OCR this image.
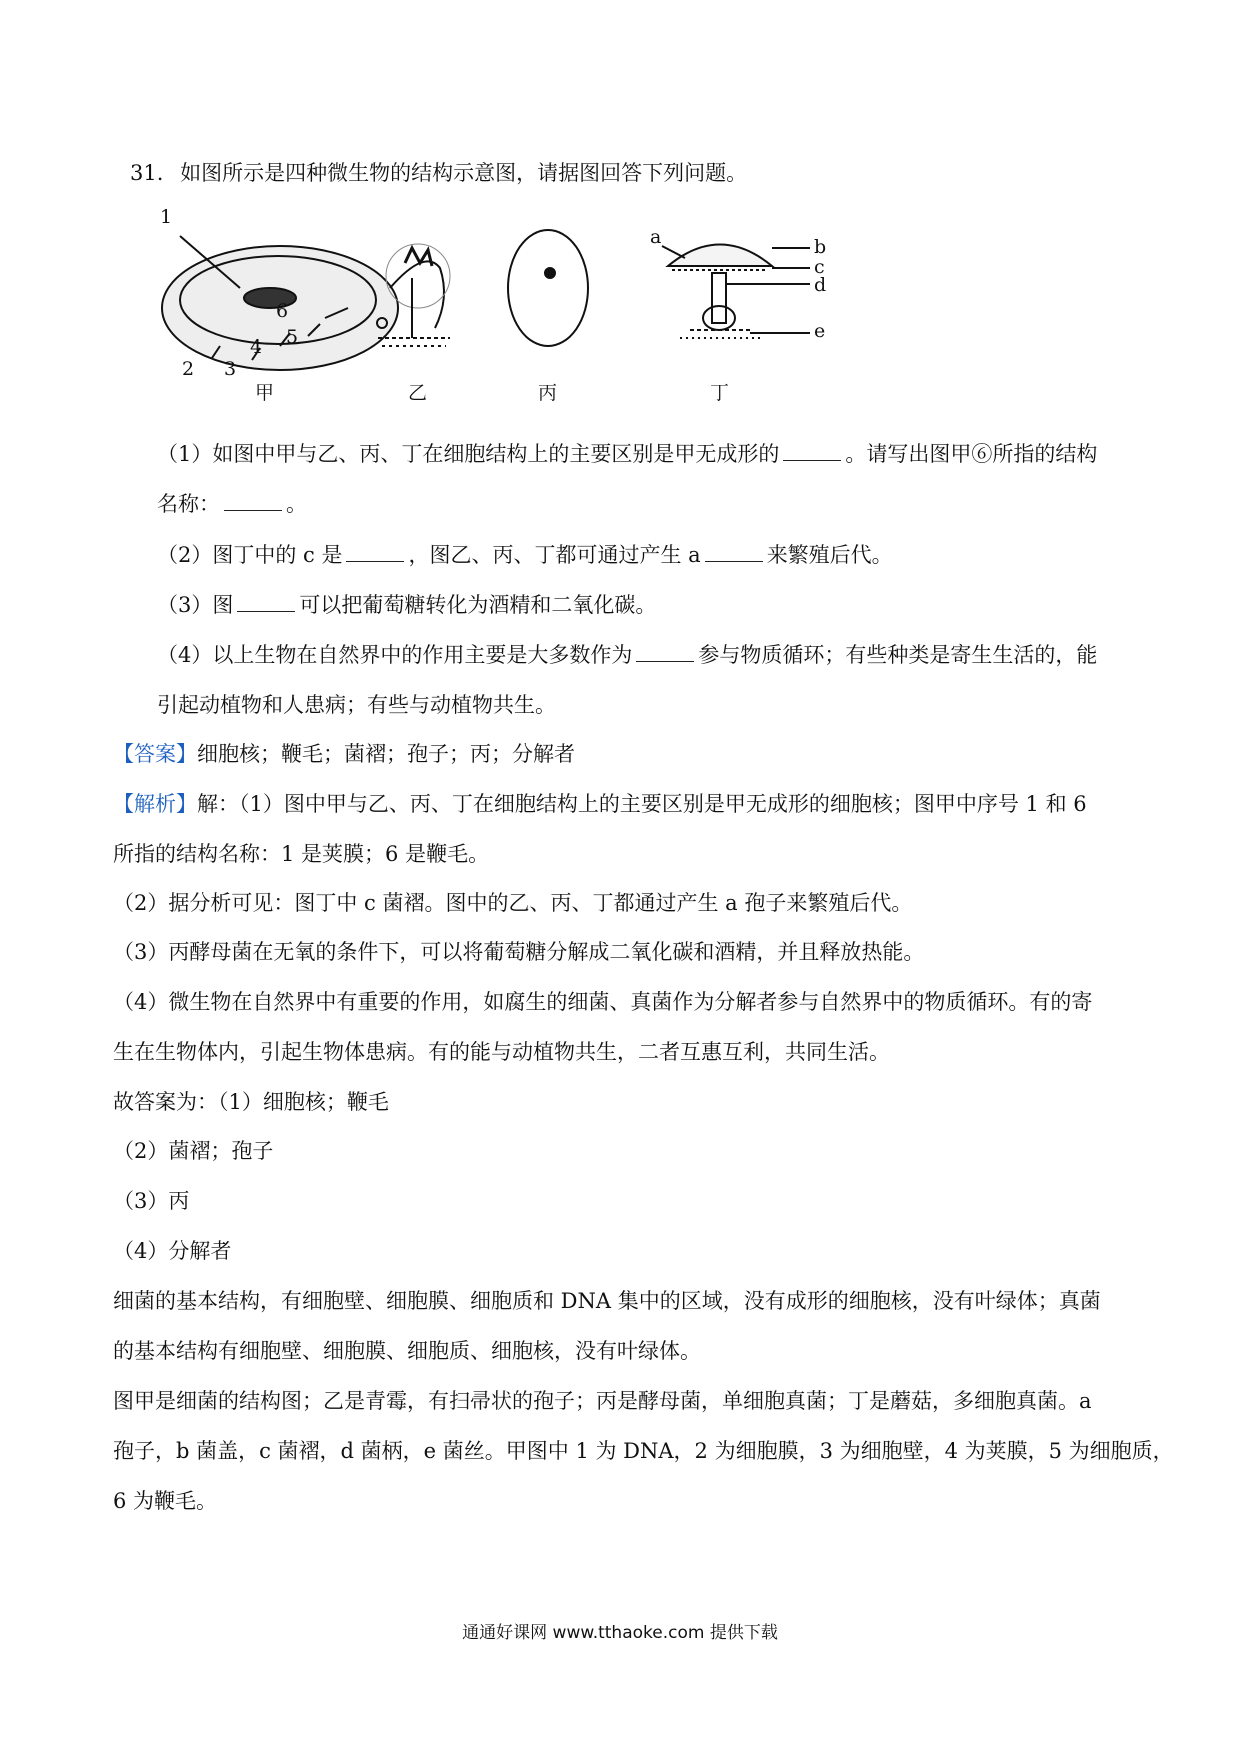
31. 如图所示是四种微生物的结构示意图，请据图回答下列问题。
1
2 3
4 5
6
a	b
c
d
e
甲	乙	丙	丁
（1）如图中甲与乙、丙、丁在细胞结构上的主要区别是甲无成形的	。请写出图甲⑥所指的结构
名称：	。
（2）图丁中的 c 是	，图乙、丙、丁都可通过产生 a	来繁殖后代。
（3）图	可以把葡萄糖转化为酒精和二氧化碳。
（4）以上生物在自然界中的作用主要是大多数作为	参与物质循环；有些种类是寄生生活的，能
引起动植物和人患病；有些与动植物共生。
【答案】细胞核；鞭毛；菌褶；孢子；丙；分解者
【解析】解：（1）图中甲与乙、丙、丁在细胞结构上的主要区别是甲无成形的细胞核；图甲中序号 1 和 6
所指的结构名称：1 是荚膜；6 是鞭毛。
（2）据分析可见：图丁中 c 菌褶。图中的乙、丙、丁都通过产生 a 孢子来繁殖后代。
（3）丙酵母菌在无氧的条件下，可以将葡萄糖分解成二氧化碳和酒精，并且释放热能。
（4）微生物在自然界中有重要的作用，如腐生的细菌、真菌作为分解者参与自然界中的物质循环。有的寄
生在生物体内，引起生物体患病。有的能与动植物共生，二者互惠互利，共同生活。
故答案为：（1）细胞核；鞭毛
（2）菌褶；孢子
（3）丙
（4）分解者
细菌的基本结构，有细胞壁、细胞膜、细胞质和 DNA 集中的区域，没有成形的细胞核，没有叶绿体；真菌
的基本结构有细胞壁、细胞膜、细胞质、细胞核，没有叶绿体。
图甲是细菌的结构图；乙是青霉，有扫帚状的孢子；丙是酵母菌，单细胞真菌；丁是蘑菇，多细胞真菌。a
孢子，b 菌盖，c 菌褶，d 菌柄，e 菌丝。甲图中 1 为 DNA，2 为细胞膜，3 为细胞壁，4 为荚膜，5 为细胞质，
6 为鞭毛。
通通好课网 www.tthaoke.com 提供下载
